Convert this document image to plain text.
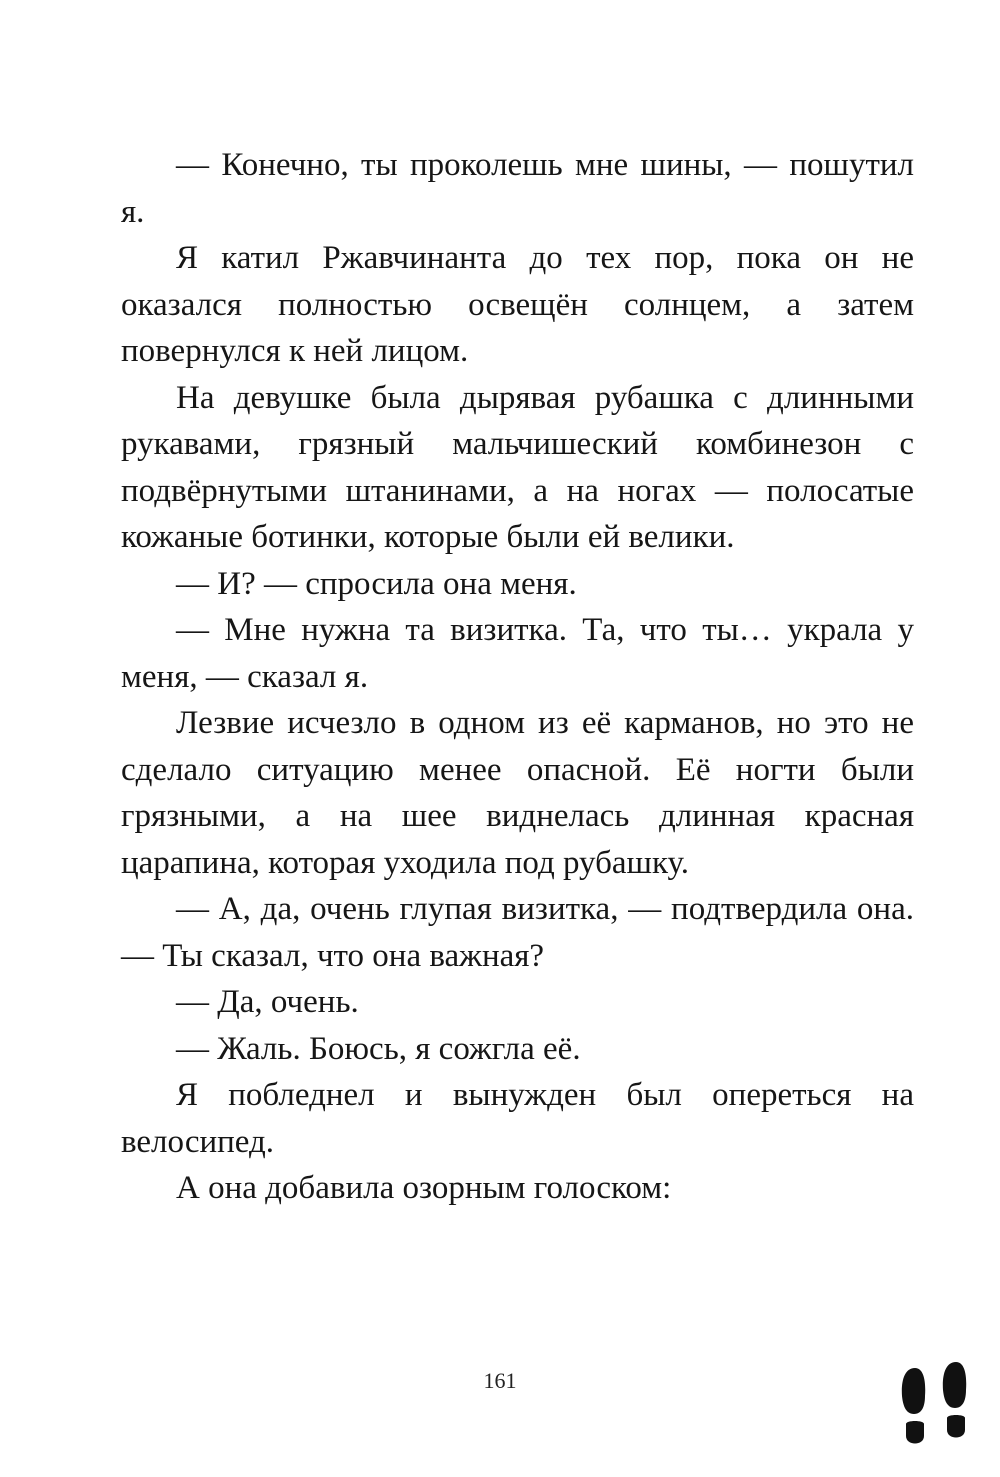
— Конечно, ты проколешь мне шины, — пошутил я.

Я катил Ржавчинанта до тех пор, пока он не оказался полностью освещён солнцем, а затем повернулся к ней лицом.

На девушке была дырявая рубашка с длинными рукавами, грязный мальчишеский комбинезон с подвёрнутыми штанинами, а на ногах — полосатые кожаные ботинки, которые были ей велики.

— И? — спросила она меня.

— Мне нужна та визитка. Та, что ты… украла у меня, — сказал я.

Лезвие исчезло в одном из её карманов, но это не сделало ситуацию менее опасной. Её ногти были грязными, а на шее виднелась длинная красная царапина, которая уходила под рубашку.

— А, да, очень глупая визитка, — подтвердила она. — Ты сказал, что она важная?

— Да, очень.

— Жаль. Боюсь, я сожгла её.

Я побледнел и вынужден был опереться на велосипед.

А она добавила озорным голоском:

161
